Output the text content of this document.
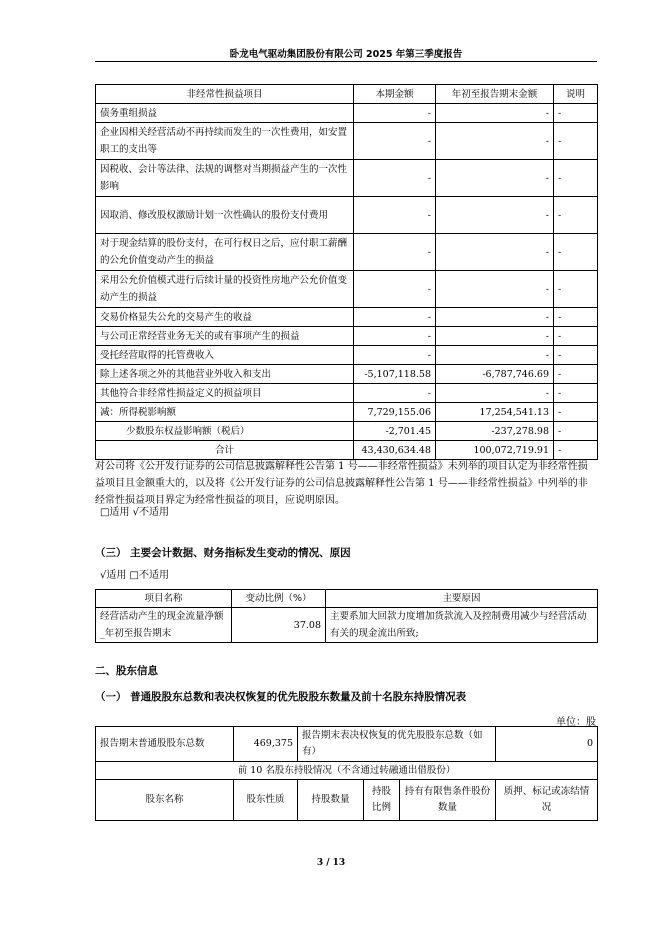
卧龙电气驱动集团股份有限公司 2025 年第三季度报告
非经常性损益项目	本期金额	年初至报告期末金额	说明
债务重组损益	-	-	-
企业因相关经营活动不再持续而发生的一次性费用，如安置职工的支出等	-	-	-
因税收、会计等法律、法规的调整对当期损益产生的一次性影响	-	-	-
因取消、修改股权激励计划一次性确认的股份支付费用	-	-	-
对于现金结算的股份支付，在可行权日之后，应付职工薪酬的公允价值变动产生的损益	-	-	-
采用公允价值模式进行后续计量的投资性房地产公允价值变动产生的损益	-	-	-
交易价格显失公允的交易产生的收益	-	-	-
与公司正常经营业务无关的或有事项产生的损益	-	-	-
受托经营取得的托管费收入	-	-	-
除上述各项之外的其他营业外收入和支出	-5,107,118.58	-6,787,746.69	-
其他符合非经常性损益定义的损益项目	-	-	-
减：所得税影响额	7,729,155.06	17,254,541.13	-
少数股东权益影响额（税后）	-2,701.45	-237,278.98	-
合计	43,430,634.48	100,072,719.91	-
对公司将《公开发行证券的公司信息披露解释性公告第 1 号——非经常性损益》未列举的项目认定为非经常性损益项目且金额重大的，以及将《公开发行证券的公司信息披露解释性公告第 1 号——非经常性损益》中列举的非经常性损益项目界定为经常性损益的项目，应说明原因。
□适用 √不适用
（三） 主要会计数据、财务指标发生变动的情况、原因
√适用 □不适用
项目名称	变动比例（%）	主要原因
经营活动产生的现金流量净额_年初至报告期末	37.08	主要系加大回款力度增加货款流入及控制费用减少与经营活动有关的现金流出所致;
二、股东信息
（一） 普通股股东总数和表决权恢复的优先股股东数量及前十名股东持股情况表
单位：股
报告期末普通股股东总数	469,375	报告期末表决权恢复的优先股股东总数（如有）			0
前 10 名股东持股情况（不含通过转融通出借股份）					
股东名称	股东性质	持股数量	持股比例	持有有限售条件股份数量	质押、标记或冻结情况
3 / 13
